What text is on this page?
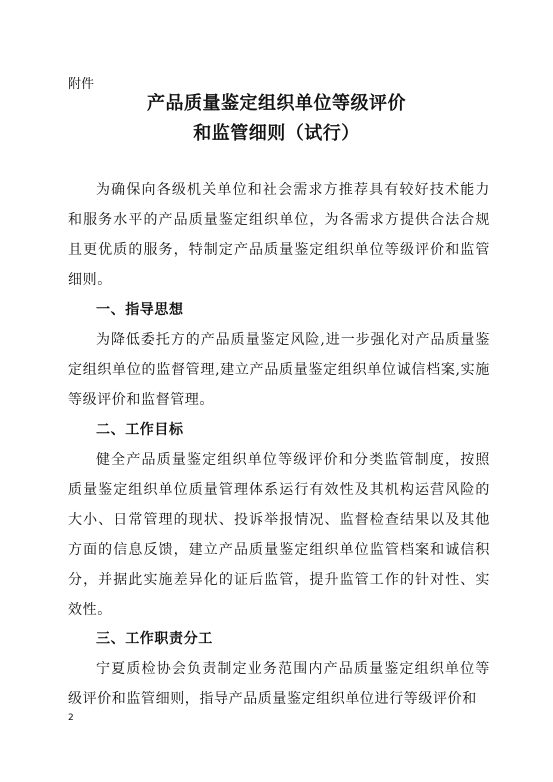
附件
产品质量鉴定组织单位等级评价
和监管细则（试行）

为确保向各级机关单位和社会需求方推荐具有较好技术能力和服务水平的产品质量鉴定组织单位，为各需求方提供合法合规且更优质的服务，特制定产品质量鉴定组织单位等级评价和监管细则。

一、指导思想

为降低委托方的产品质量鉴定风险,进一步强化对产品质量鉴定组织单位的监督管理,建立产品质量鉴定组织单位诚信档案,实施等级评价和监督管理。

二、工作目标

健全产品质量鉴定组织单位等级评价和分类监管制度，按照质量鉴定组织单位质量管理体系运行有效性及其机构运营风险的大小、日常管理的现状、投诉举报情况、监督检查结果以及其他方面的信息反馈，建立产品质量鉴定组织单位监管档案和诚信积分，并据此实施差异化的证后监管，提升监管工作的针对性、实效性。

三、工作职责分工

宁夏质检协会负责制定业务范围内产品质量鉴定组织单位等级评价和监管细则，指导产品质量鉴定组织单位进行等级评价和

2
